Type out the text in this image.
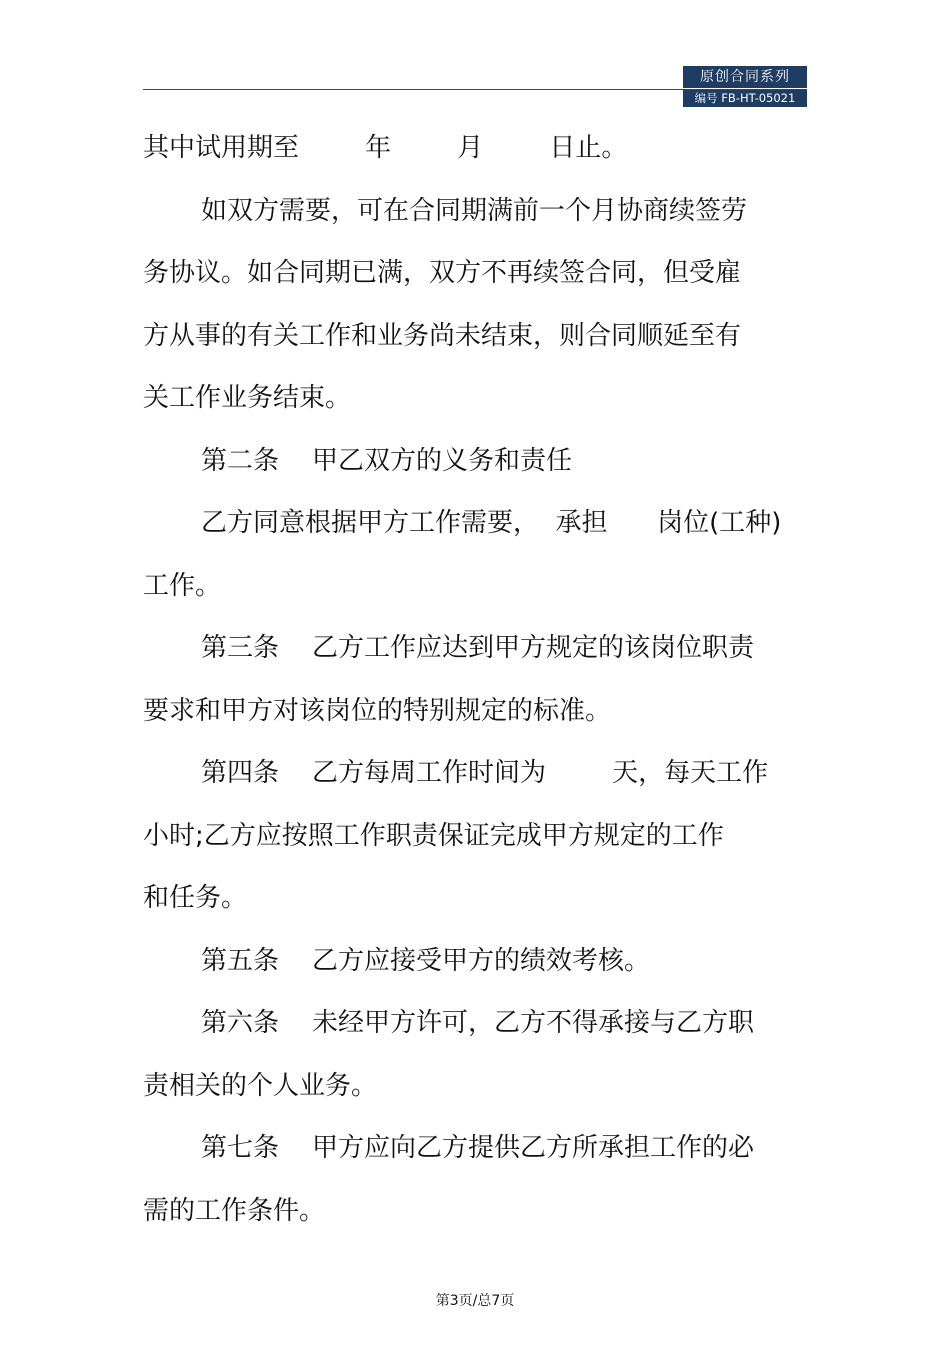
原创合同系列
编号 FB-HT-05021

其中试用期至        年        月        日止。

如双方需要，可在合同期满前一个月协商续签劳

务协议。如合同期已满，双方不再续签合同，但受雇

方从事的有关工作和业务尚未结束，则合同顺延至有

关工作业务结束。

第二条    甲乙双方的义务和责任

乙方同意根据甲方工作需要，  承担      岗位(工种)

工作。

第三条    乙方工作应达到甲方规定的该岗位职责

要求和甲方对该岗位的特别规定的标准。

第四条    乙方每周工作时间为        天，每天工作

小时;乙方应按照工作职责保证完成甲方规定的工作

和任务。

第五条    乙方应接受甲方的绩效考核。

第六条    未经甲方许可，乙方不得承接与乙方职

责相关的个人业务。

第七条    甲方应向乙方提供乙方所承担工作的必

需的工作条件。

第3页/总7页
